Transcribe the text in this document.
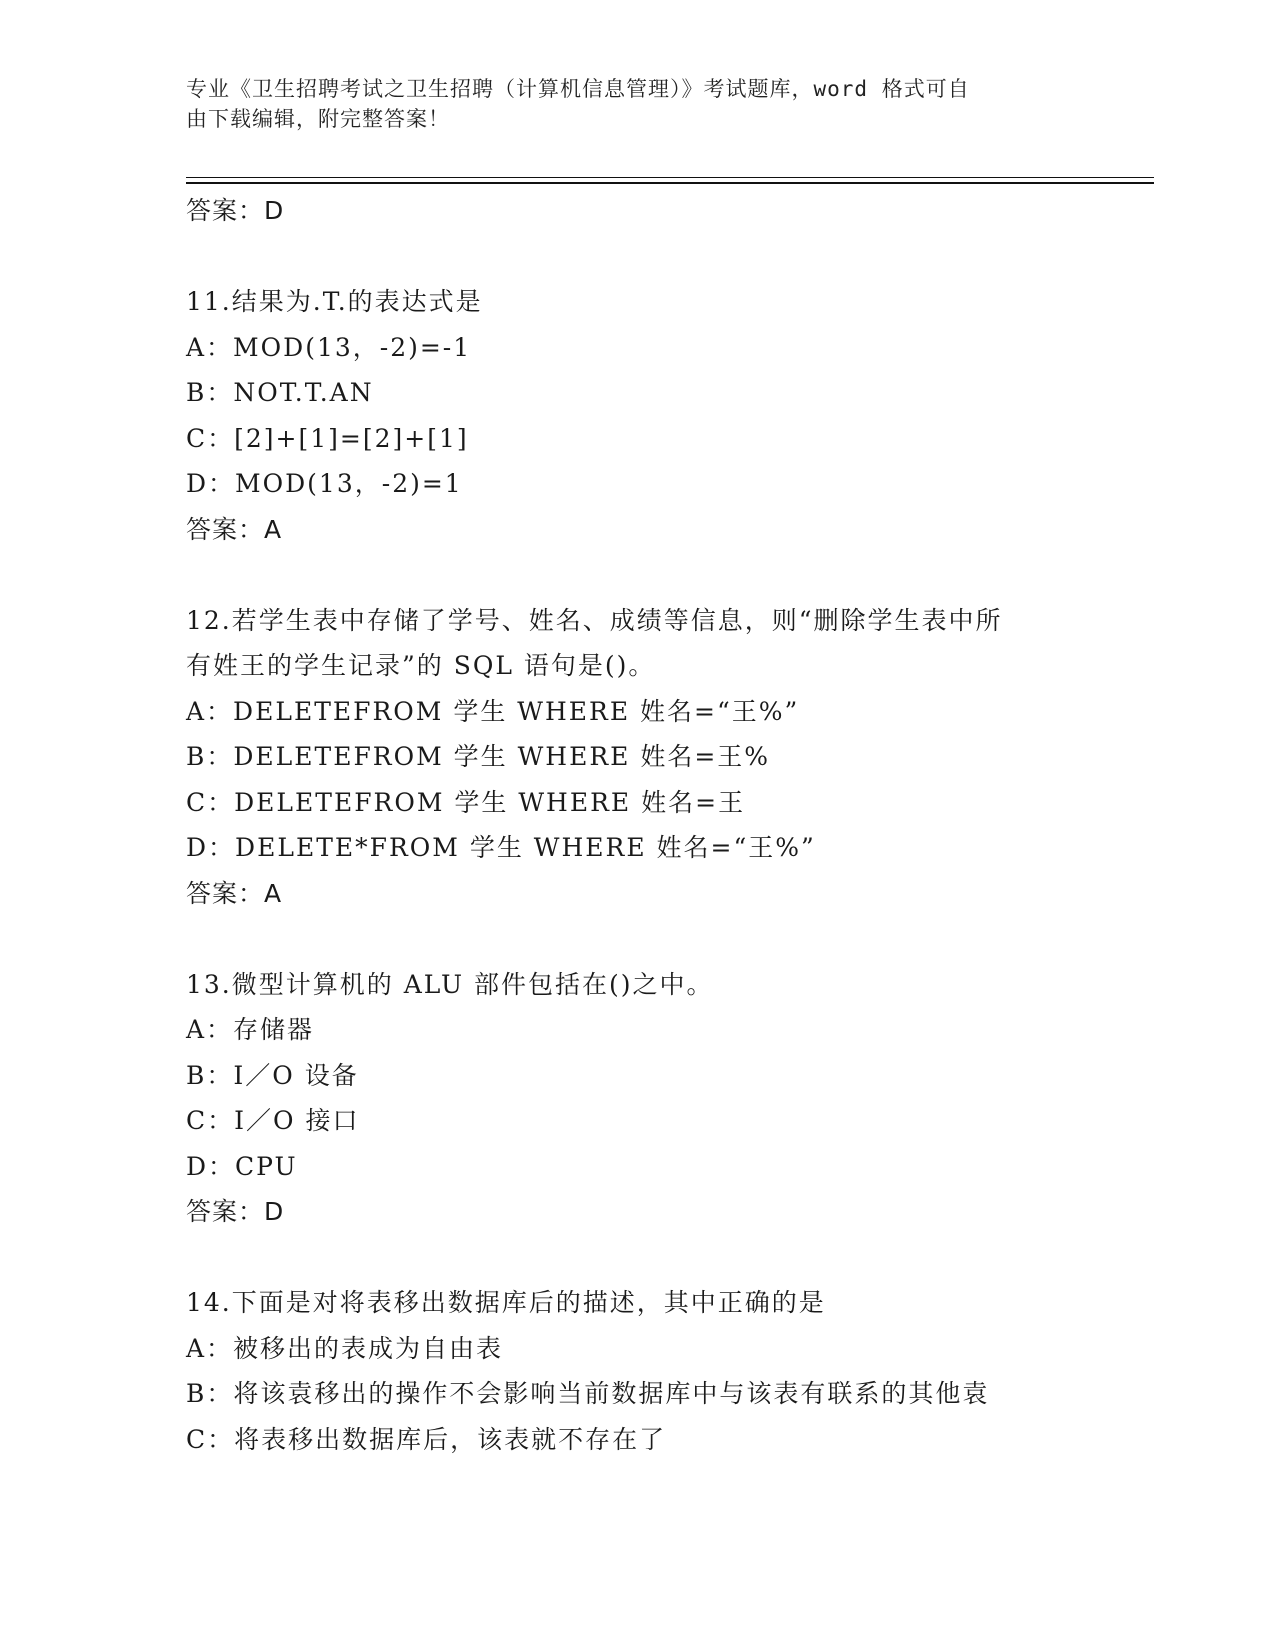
专业《卫生招聘考试之卫生招聘（计算机信息管理）》考试题库，word 格式可自
由下载编辑，附完整答案！
答案：D
11.结果为.T.的表达式是
A：MOD(13，-2)=-1
B：NOT.T.AN
C：[2]+[1]=[2]+[1]
D：MOD(13，-2)=1
答案：A
12.若学生表中存储了学号、姓名、成绩等信息，则“删除学生表中所
有姓王的学生记录”的 SQL 语句是()。
A：DELETEFROM 学生 WHERE 姓名=“王%”
B：DELETEFROM 学生 WHERE 姓名=王%
C：DELETEFROM 学生 WHERE 姓名=王
D：DELETE*FROM 学生 WHERE 姓名=“王%”
答案：A
13.微型计算机的 ALU 部件包括在()之中。
A：存储器
B：I／O 设备
C：I／O 接口
D：CPU
答案：D
14.下面是对将表移出数据库后的描述，其中正确的是
A：被移出的表成为自由表
B：将该袁移出的操作不会影响当前数据库中与该表有联系的其他袁
C：将表移出数据库后，该表就不存在了
